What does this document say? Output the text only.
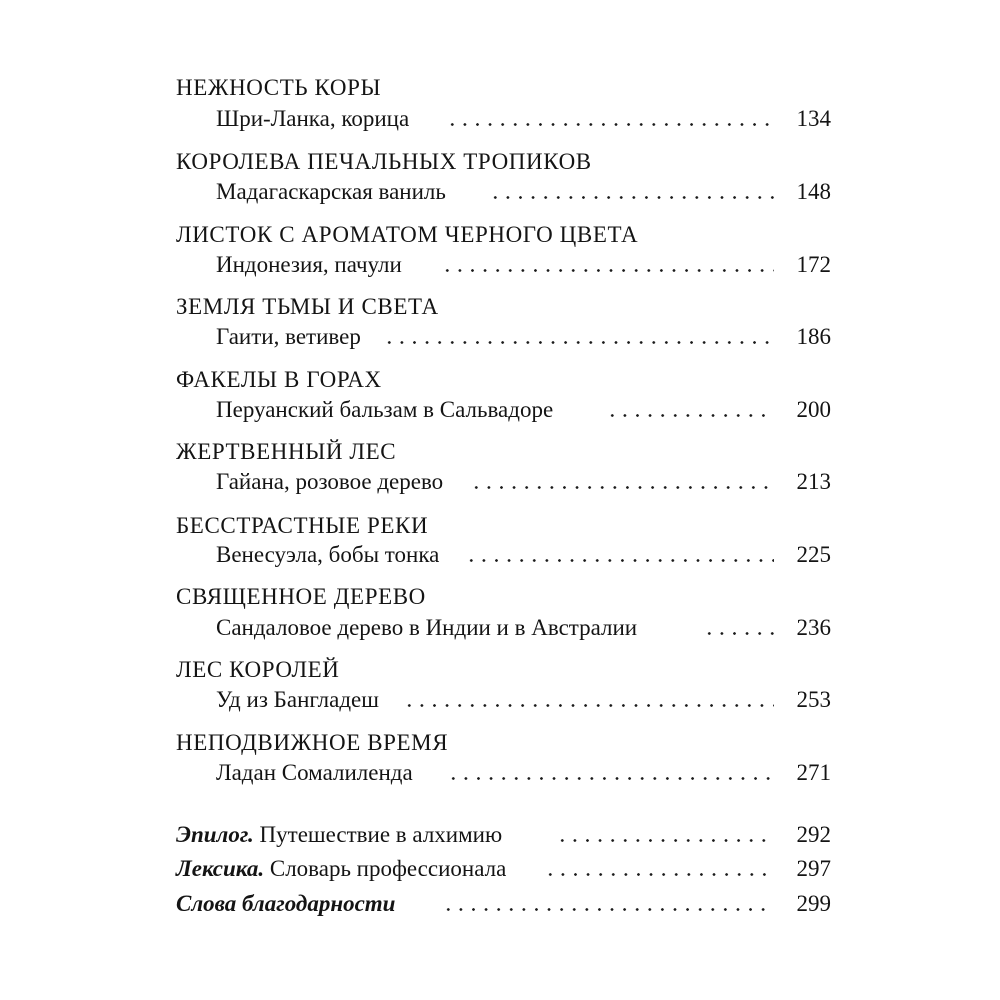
НЕЖНОСТЬ КОРЫ
Шри-Ланка, корица	134
КОРОЛЕВА ПЕЧАЛЬНЫХ ТРОПИКОВ
Мадагаскарская ваниль	148
ЛИСТОК С АРОМАТОМ ЧЕРНОГО ЦВЕТА
Индонезия, пачули	172
ЗЕМЛЯ ТЬМЫ И СВЕТА
Гаити, ветивер	186
ФАКЕЛЫ В ГОРАХ
Перуанский бальзам в Сальвадоре	200
ЖЕРТВЕННЫЙ ЛЕС
Гайана, розовое дерево	213
БЕССТРАСТНЫЕ РЕКИ
Венесуэла, бобы тонка	225
СВЯЩЕННОЕ ДЕРЕВО
Сандаловое дерево в Индии и в Австралии	236
ЛЕС КОРОЛЕЙ
Уд из Бангладеш	253
НЕПОДВИЖНОЕ ВРЕМЯ
Ладан Сомалиленда	271
Эпилог. Путешествие в алхимию	292
Лексика. Словарь профессионала	297
Слова благодарности	299
